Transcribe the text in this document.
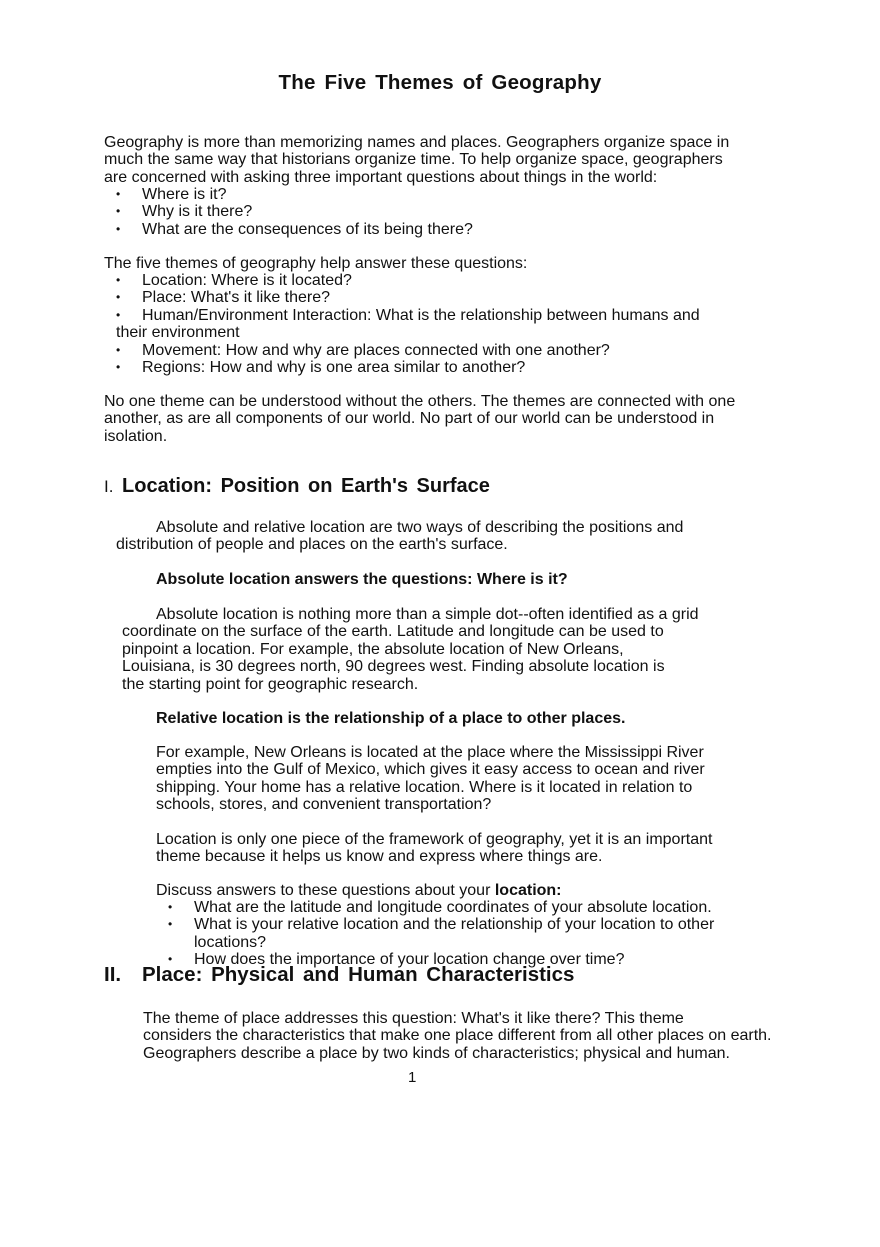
The Five Themes of Geography
Geography is more than memorizing names and places. Geographers organize space in
much the same way that historians organize time. To help organize space, geographers
are concerned with asking three important questions about things in the world:
• Where is it?
• Why is it there?
• What are the consequences of its being there?
The five themes of geography help answer these questions:
• Location: Where is it located?
• Place: What's it like there?
• Human/Environment Interaction: What is the relationship between humans and
their environment
• Movement: How and why are places connected with one another?
• Regions: How and why is one area similar to another?
No one theme can be understood without the others. The themes are connected with one
another, as are all components of our world. No part of our world can be understood in
isolation.
I. Location: Position on Earth's Surface
Absolute and relative location are two ways of describing the positions and
distribution of people and places on the earth's surface.
Absolute location answers the questions: Where is it?
Absolute location is nothing more than a simple dot--often identified as a grid
coordinate on the surface of the earth. Latitude and longitude can be used to
pinpoint a location. For example, the absolute location of New Orleans,
Louisiana, is 30 degrees north, 90 degrees west. Finding absolute location is
the starting point for geographic research.
Relative location is the relationship of a place to other places.
For example, New Orleans is located at the place where the Mississippi River
empties into the Gulf of Mexico, which gives it easy access to ocean and river
shipping. Your home has a relative location. Where is it located in relation to
schools, stores, and convenient transportation?
Location is only one piece of the framework of geography, yet it is an important
theme because it helps us know and express where things are.
Discuss answers to these questions about your location:
• What are the latitude and longitude coordinates of your absolute location.
• What is your relative location and the relationship of your location to other
locations?
• How does the importance of your location change over time?
II. Place: Physical and Human Characteristics
The theme of place addresses this question: What's it like there? This theme
considers the characteristics that make one place different from all other places on earth.
Geographers describe a place by two kinds of characteristics; physical and human.
1
